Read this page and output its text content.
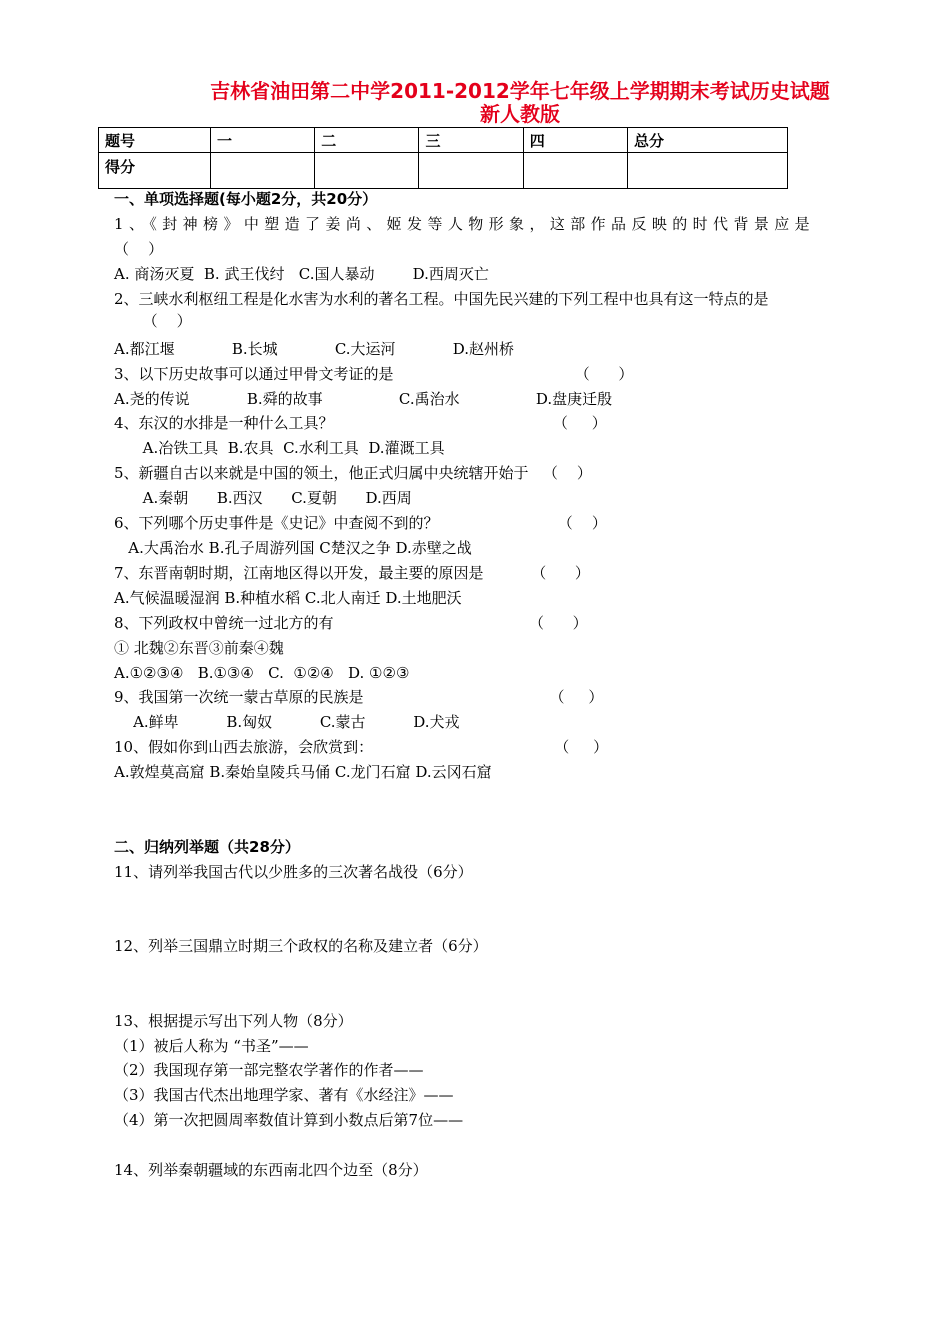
吉林省油田第二中学2011-2012学年七年级上学期期末考试历史试题
新人教版
题号	一	二	三	四	总分
得分					
一、单项选择题(每小题2分，共20分）
1、《封神榜》中塑造了姜尚、姬发等人物形象，这部作品反映的时代背景应是
（    ）
A. 商汤灭夏  B. 武王伐纣   C.国人暴动        D.西周灭亡
2、三峡水利枢纽工程是化水害为水利的著名工程。中国先民兴建的下列工程中也具有这一特点的是
（    ）
A.都江堰            B.长城            C.大运河            D.赵州桥
3、以下历史故事可以通过甲骨文考证的是                                      （      ）
A.尧的传说            B.舜的故事                C.禹治水                D.盘庚迁殷
4、东汉的水排是一种什么工具？                                              （     ）
A.冶铁工具  B.农具  C.水利工具  D.灌溉工具
5、新疆自古以来就是中国的领土，他正式归属中央统辖开始于   （    ）
A.秦朝      B.西汉      C.夏朝      D.西周
6、下列哪个历史事件是《史记》中查阅不到的？                         （    ）
A.大禹治水 B.孔子周游列国 C楚汉之争 D.赤壁之战
7、东晋南朝时期，江南地区得以开发，最主要的原因是          （      ）
A.气候温暖湿润 B.种植水稻 C.北人南迁 D.土地肥沃
8、下列政权中曾统一过北方的有                                         （      ）
① 北魏②东晋③前秦④魏
A.①②③④   B.①③④   C.  ①②④   D. ①②③
9、我国第一次统一蒙古草原的民族是                                       （     ）
A.鲜卑          B.匈奴          C.蒙古          D.犬戎
10、假如你到山西去旅游，会欣赏到：                                      （     ）
A.敦煌莫高窟 B.秦始皇陵兵马俑 C.龙门石窟 D.云冈石窟
二、归纳列举题（共28分）
11、请列举我国古代以少胜多的三次著名战役（6分）
12、列举三国鼎立时期三个政权的名称及建立者（6分）
13、根据提示写出下列人物（8分）
（1）被后人称为 “书圣”——
（2）我国现存第一部完整农学著作的作者——
（3）我国古代杰出地理学家、著有《水经注》——
（4）第一次把圆周率数值计算到小数点后第7位——
14、列举秦朝疆域的东西南北四个边至（8分）
